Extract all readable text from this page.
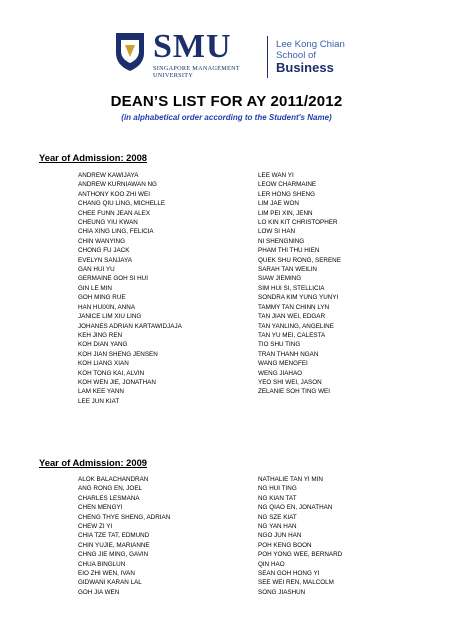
SMU
SINGAPORE MANAGEMENT UNIVERSITY
Lee Kong Chian
School of
Business
DEAN’S LIST FOR AY 2011/2012
(in alphabetical order according to the Student's Name)
Year of Admission: 2008
ANDREW KAWIJAYA
ANDREW KURNIAWAN NG
ANTHONY KOO ZHI WEI
CHANG QIU LING, MICHELLE
CHEE FUNN JEAN ALEX
CHEUNG YIU KWAN
CHIA XING LING, FELICIA
CHIN WANYING
CHONG FU JACK
EVELYN SANJAYA
GAN HUI YU
GERMAINE GOH SI HUI
GIN LE MIN
GOH MING RUE
HAN HUIXIN, ANNA
JANICE LIM XIU LING
JOHANES ADRIAN KARTAWIDJAJA
KEH JING REN
KOH DIAN YANG
KOH JIAN SHENG JENSEN
KOH LIANG XIAN
KOH TONG KAI, ALVIN
KOH WEN JIE, JONATHAN
LAM KEE YANN
LEE JUN KIAT
LEE WAN YI
LEOW CHARMAINE
LER HONG SHENG
LIM JAE WON
LIM PEI XIN, JENN
LO KIN KIT CHRISTOPHER
LOW SI HAN
NI SHENGNING
PHAM THI THU HIEN
QUEK SHU RONG, SERENE
SARAH TAN WEILIN
SIAW JIEMING
SIM HUI SI, STELLICIA
SONDRA KIM YUNG YUNYI
TAMMY TAN CHINN LYN
TAN JIAN WEI, EDGAR
TAN YANLING, ANGELINE
TAN YU MEI, CALESTA
TIO SHU TING
TRAN THANH NGAN
WANG MENGFEI
WENG JIAHAO
YEO SHI WEI, JASON
ZELANIE SOH TING WEI
Year of Admission: 2009
ALOK BALACHANDRAN
ANG RONG EN, JOEL
CHARLES LESMANA
CHEN MENGYI
CHENG THYE SHENG, ADRIAN
CHEW ZI YI
CHIA TZE TAT, EDMUND
CHIN YUJIE, MARIANNE
CHNG JIE MING, GAVIN
CHUA BINGLUN
EIO ZHI WEN, IVAN
GIDWANI KARAN LAL
GOH JIA WEN
NATHALIE TAN YI MIN
NG HUI TING
NG KIAN TAT
NG QIAO EN, JONATHAN
NG SZE KIAT
NG YAN HAN
NGO JUN HAN
POH KENG BOON
POH YONG WEE, BERNARD
QIN HAO
SEAN GOH HONG YI
SEE WEI REN, MALCOLM
SONG JIASHUN
